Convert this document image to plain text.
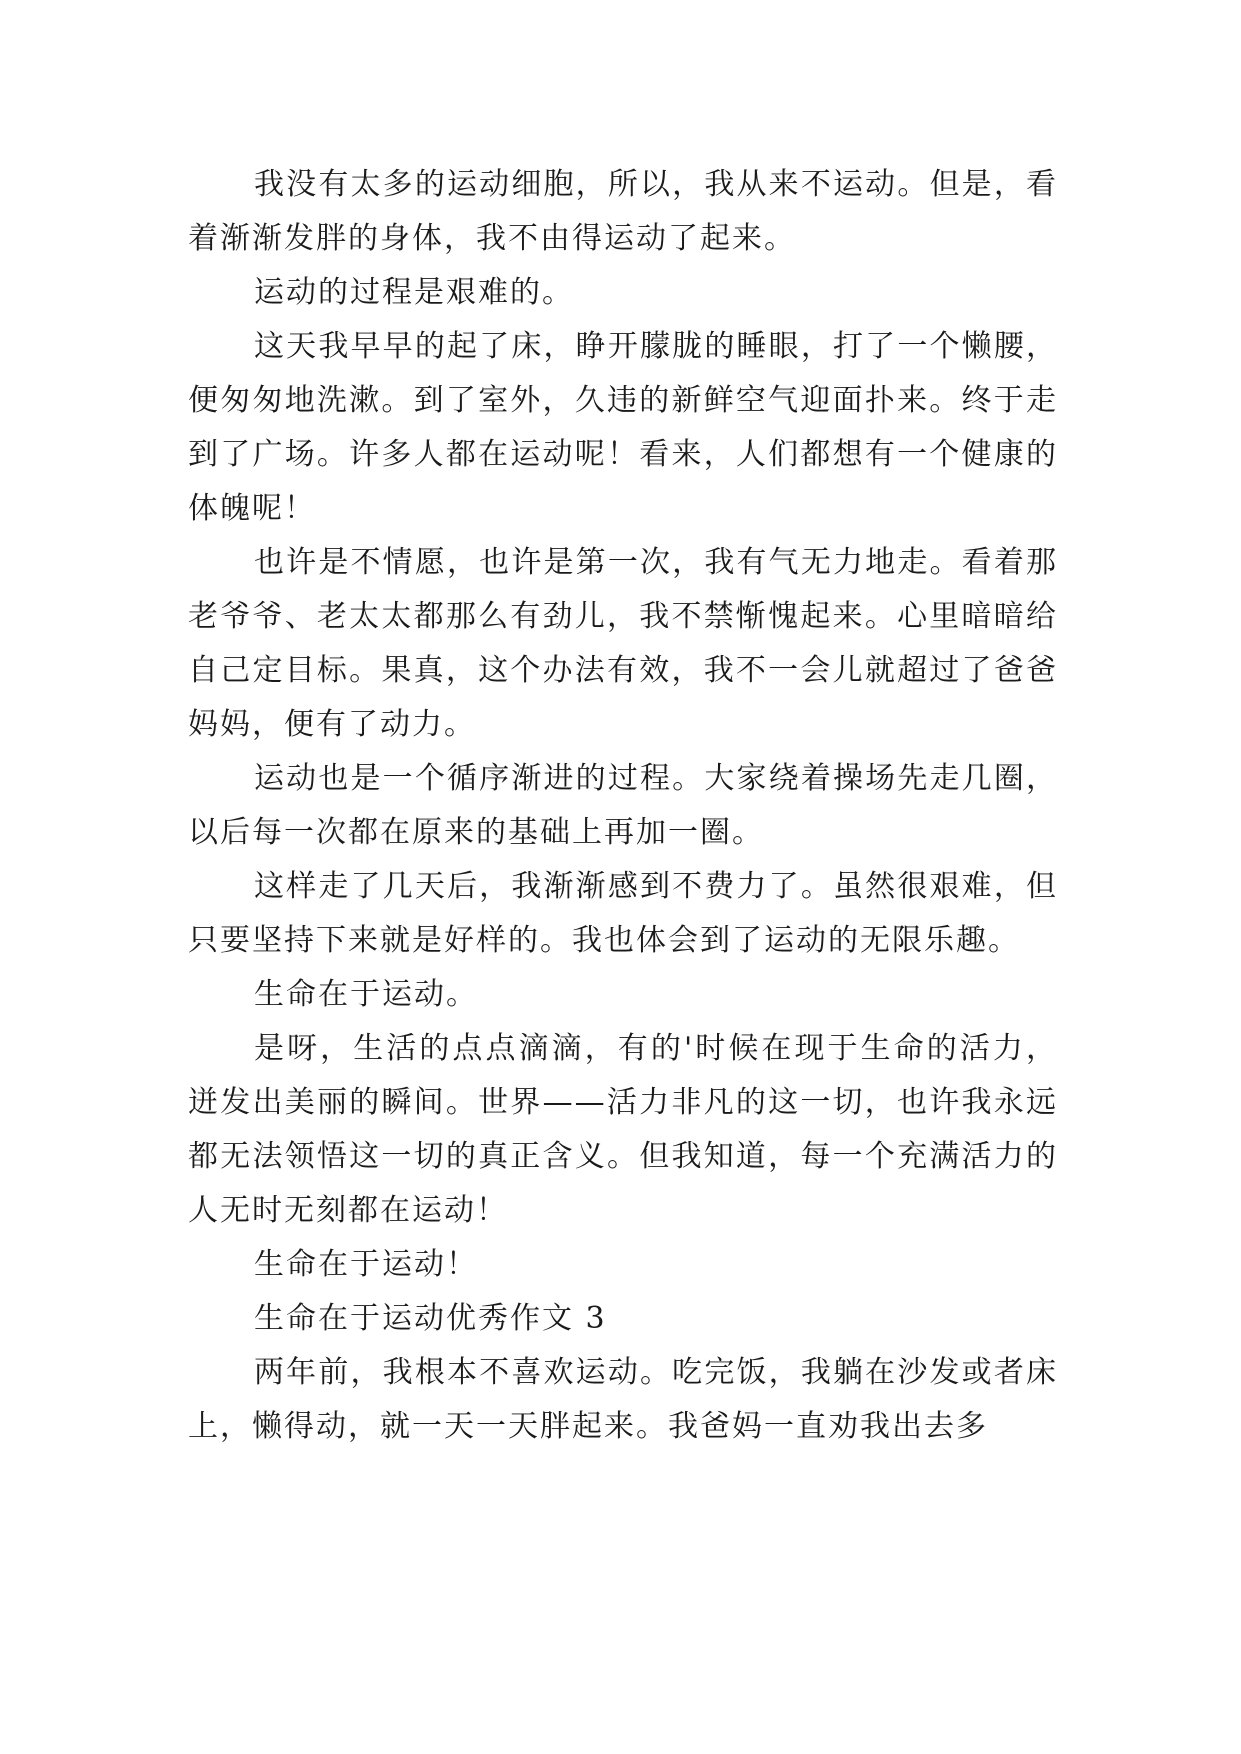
我没有太多的运动细胞，所以，我从来不运动。但是，看着渐渐发胖的身体，我不由得运动了起来。

运动的过程是艰难的。

这天我早早的起了床，睁开朦胧的睡眼，打了一个懒腰，便匆匆地洗漱。到了室外，久违的新鲜空气迎面扑来。终于走到了广场。许多人都在运动呢！看来，人们都想有一个健康的体魄呢！

也许是不情愿，也许是第一次，我有气无力地走。看着那老爷爷、老太太都那么有劲儿，我不禁惭愧起来。心里暗暗给自己定目标。果真，这个办法有效，我不一会儿就超过了爸爸妈妈，便有了动力。

运动也是一个循序渐进的过程。大家绕着操场先走几圈，以后每一次都在原来的基础上再加一圈。

这样走了几天后，我渐渐感到不费力了。虽然很艰难，但只要坚持下来就是好样的。我也体会到了运动的无限乐趣。

生命在于运动。

是呀，生活的点点滴滴，有的'时候在现于生命的活力，迸发出美丽的瞬间。世界——活力非凡的这一切，也许我永远都无法领悟这一切的真正含义。但我知道，每一个充满活力的人无时无刻都在运动！

生命在于运动！

生命在于运动优秀作文 3

两年前，我根本不喜欢运动。吃完饭，我躺在沙发或者床上，懒得动，就一天一天胖起来。我爸妈一直劝我出去多
